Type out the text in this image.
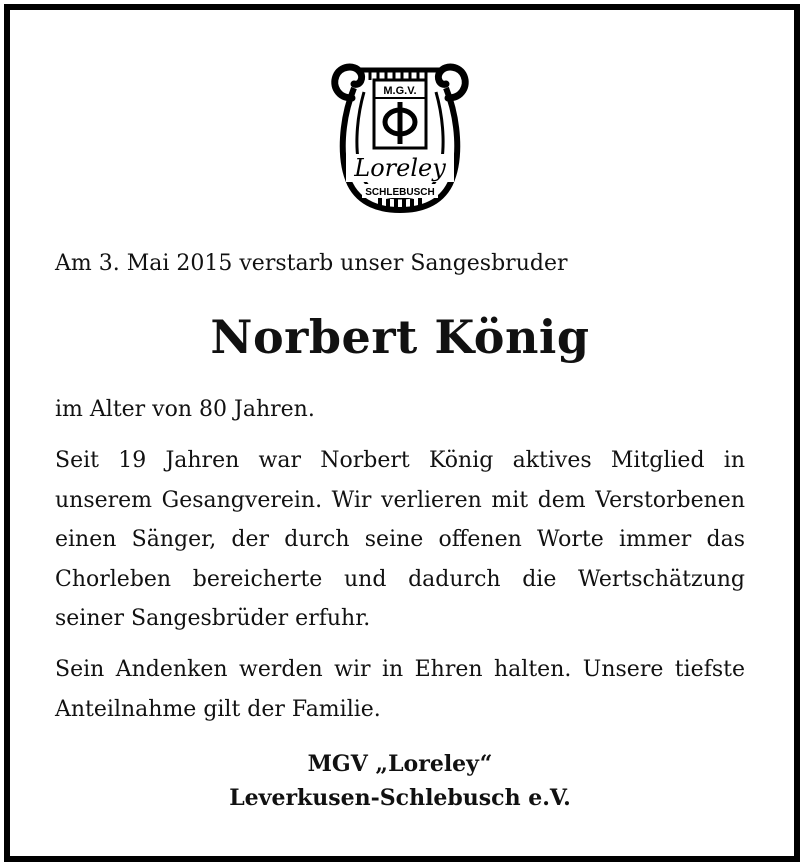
M.G.V.
Loreley
SCHLEBUSCH
Am 3. Mai 2015 verstarb unser Sangesbruder
Norbert König
im Alter von 80 Jahren.
Seit 19 Jahren war Norbert König aktives Mitglied in unserem Gesangverein. Wir verlieren mit dem Verstorbenen einen Sänger, der durch seine offenen Worte immer das Chorleben bereicherte und dadurch die Wertschätzung seiner Sangesbrüder erfuhr.
Sein Andenken werden wir in Ehren halten. Unsere tiefste Anteilnahme gilt der Familie.
MGV „Loreley“
Leverkusen-Schlebusch e.V.
